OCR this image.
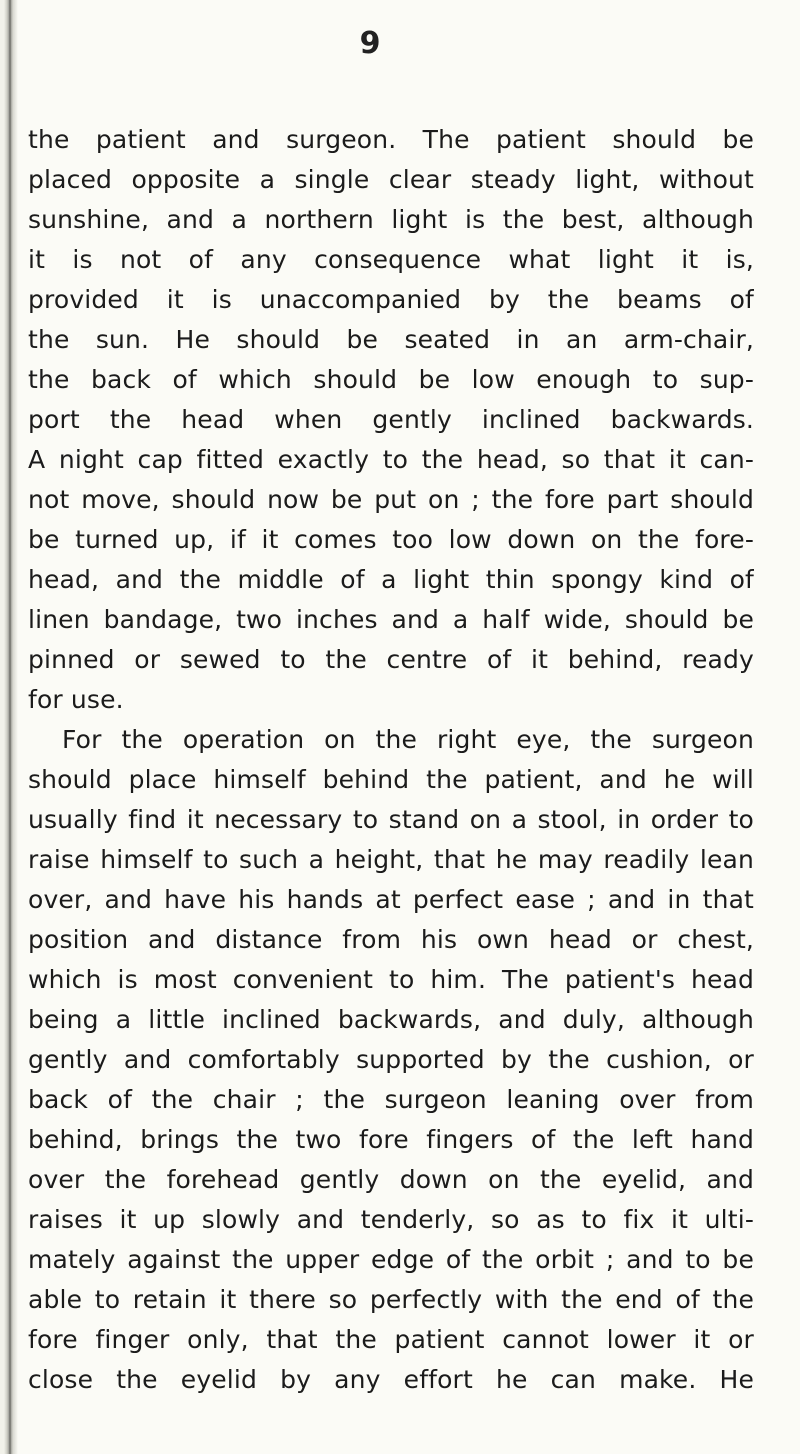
9
the patient and surgeon. The patient should be
placed opposite a single clear steady light, without
sunshine, and a northern light is the best, although
it is not of any consequence what light it is,
provided it is unaccompanied by the beams of
the sun. He should be seated in an arm-chair,
the back of which should be low enough to sup-
port the head when gently inclined backwards.
A night cap fitted exactly to the head, so that it can-
not move, should now be put on ; the fore part should
be turned up, if it comes too low down on the fore-
head, and the middle of a light thin spongy kind of
linen bandage, two inches and a half wide, should be
pinned or sewed to the centre of it behind, ready
for use.
For the operation on the right eye, the surgeon
should place himself behind the patient, and he will
usually find it necessary to stand on a stool, in order to
raise himself to such a height, that he may readily lean
over, and have his hands at perfect ease ; and in that
position and distance from his own head or chest,
which is most convenient to him. The patient's head
being a little inclined backwards, and duly, although
gently and comfortably supported by the cushion, or
back of the chair ; the surgeon leaning over from
behind, brings the two fore fingers of the left hand
over the forehead gently down on the eyelid, and
raises it up slowly and tenderly, so as to fix it ulti-
mately against the upper edge of the orbit ; and to be
able to retain it there so perfectly with the end of the
fore finger only, that the patient cannot lower it or
close the eyelid by any effort he can make. He
